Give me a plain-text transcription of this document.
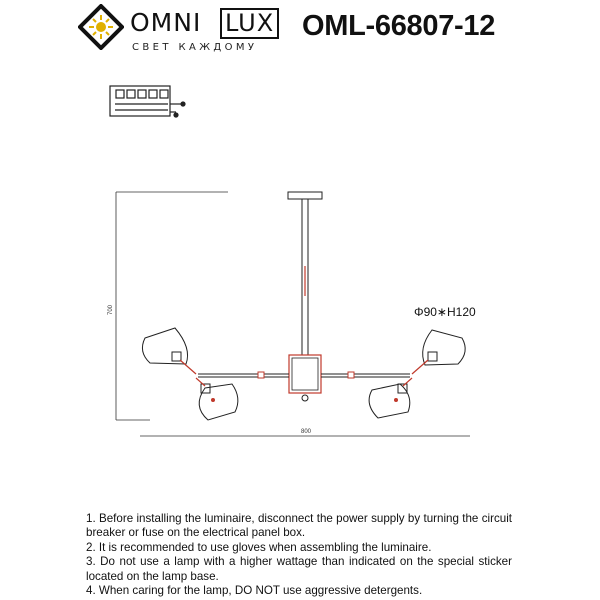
OMNI LUX
СВЕТ КАЖДОМУ
OML-66807-12
700
800
Φ90∗H120

1. Before installing the luminaire, disconnect the power supply by turning the circuit breaker or fuse on the electrical panel box.

2. It is recommended to use gloves when assembling the luminaire.

3. Do not use a lamp with a higher wattage than indicated on the special sticker located on the lamp base.

4. When caring for the lamp, DO NOT use aggressive detergents.
